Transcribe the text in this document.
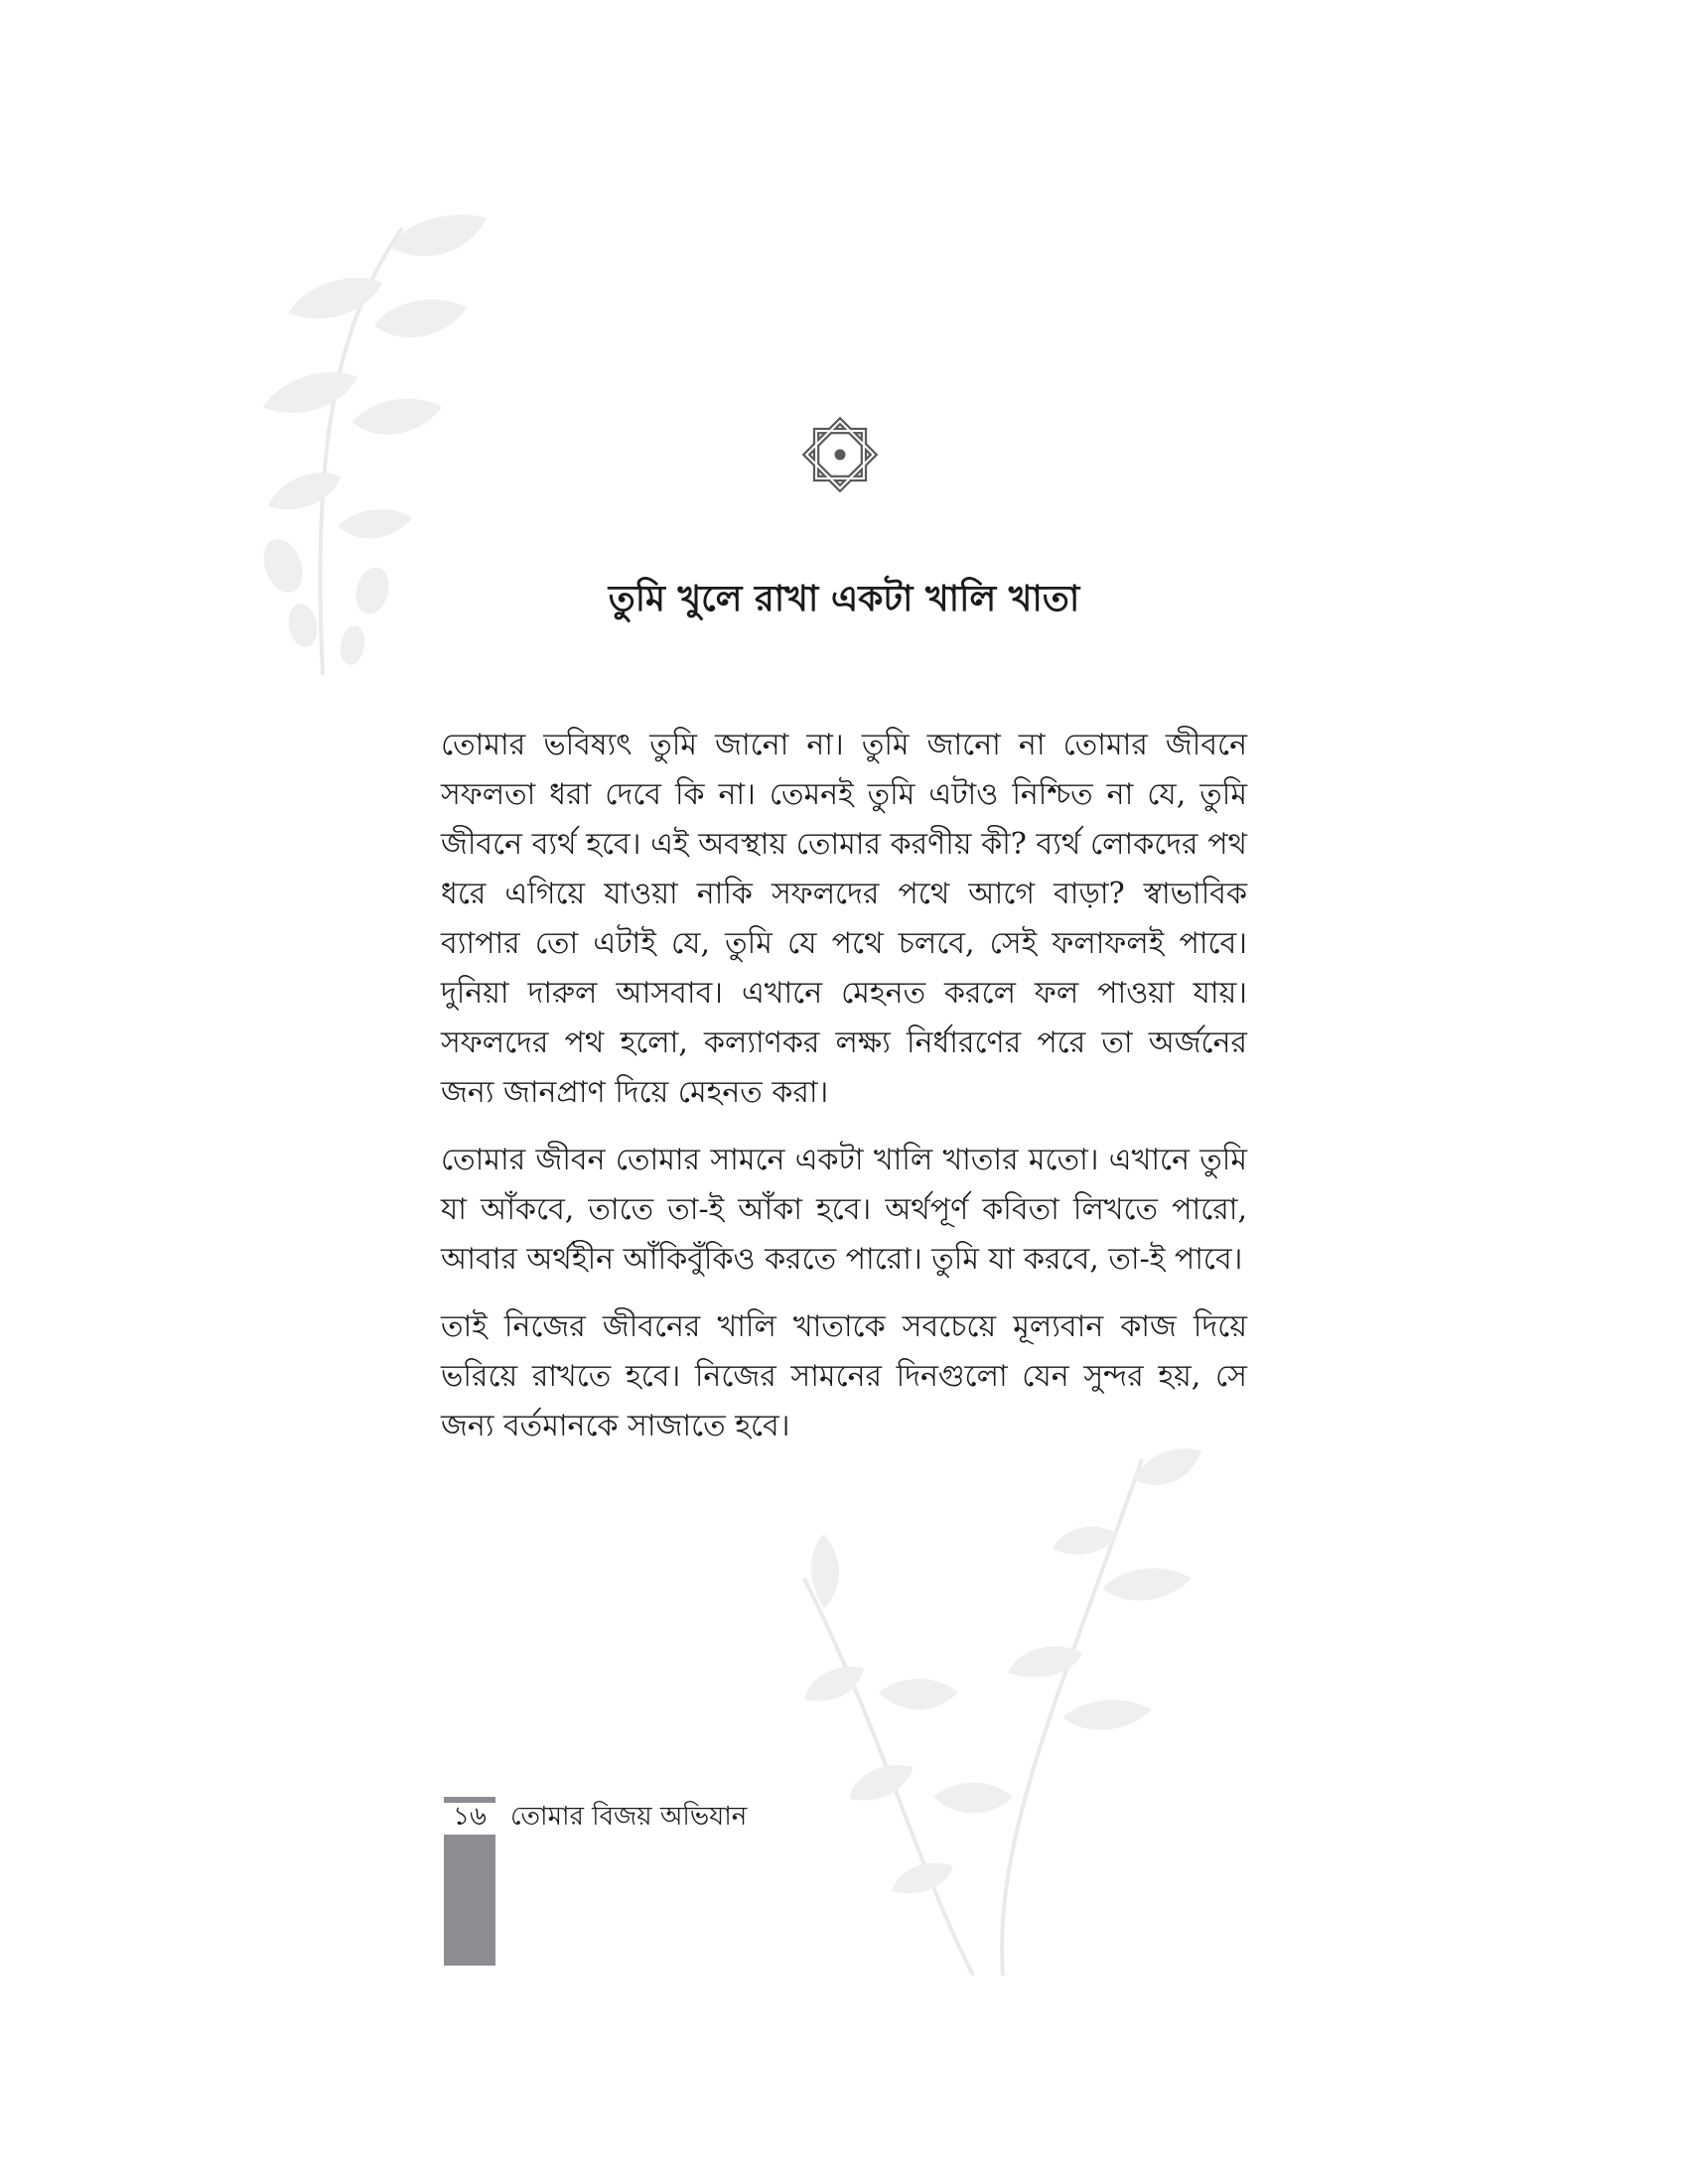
তুমি খুলে রাখা একটা খালি খাতা

তোমার ভবিষ্যৎ তুমি জানো না। তুমি জানো না তোমার জীবনে সফলতা ধরা দেবে কি না। তেমনই তুমি এটাও নিশ্চিত না যে, তুমি জীবনে ব্যর্থ হবে। এই অবস্থায় তোমার করণীয় কী? ব্যর্থ লোকদের পথ ধরে এগিয়ে যাওয়া নাকি সফলদের পথে আগে বাড়া? স্বাভাবিক ব্যাপার তো এটাই যে, তুমি যে পথে চলবে, সেই ফলাফলই পাবে। দুনিয়া দারুল আসবাব। এখানে মেহনত করলে ফল পাওয়া যায়। সফলদের পথ হলো, কল্যাণকর লক্ষ্য নির্ধারণের পরে তা অর্জনের জন্য জানপ্রাণ দিয়ে মেহনত করা।

তোমার জীবন তোমার সামনে একটা খালি খাতার মতো। এখানে তুমি যা আঁকবে, তাতে তা-ই আঁকা হবে। অর্থপূর্ণ কবিতা লিখতে পারো, আবার অর্থহীন আঁকিবুঁকিও করতে পারো। তুমি যা করবে, তা-ই পাবে।

তাই নিজের জীবনের খালি খাতাকে সবচেয়ে মূল্যবান কাজ দিয়ে ভরিয়ে রাখতে হবে। নিজের সামনের দিনগুলো যেন সুন্দর হয়, সে জন্য বর্তমানকে সাজাতে হবে।

১৬ তোমার বিজয় অভিযান
